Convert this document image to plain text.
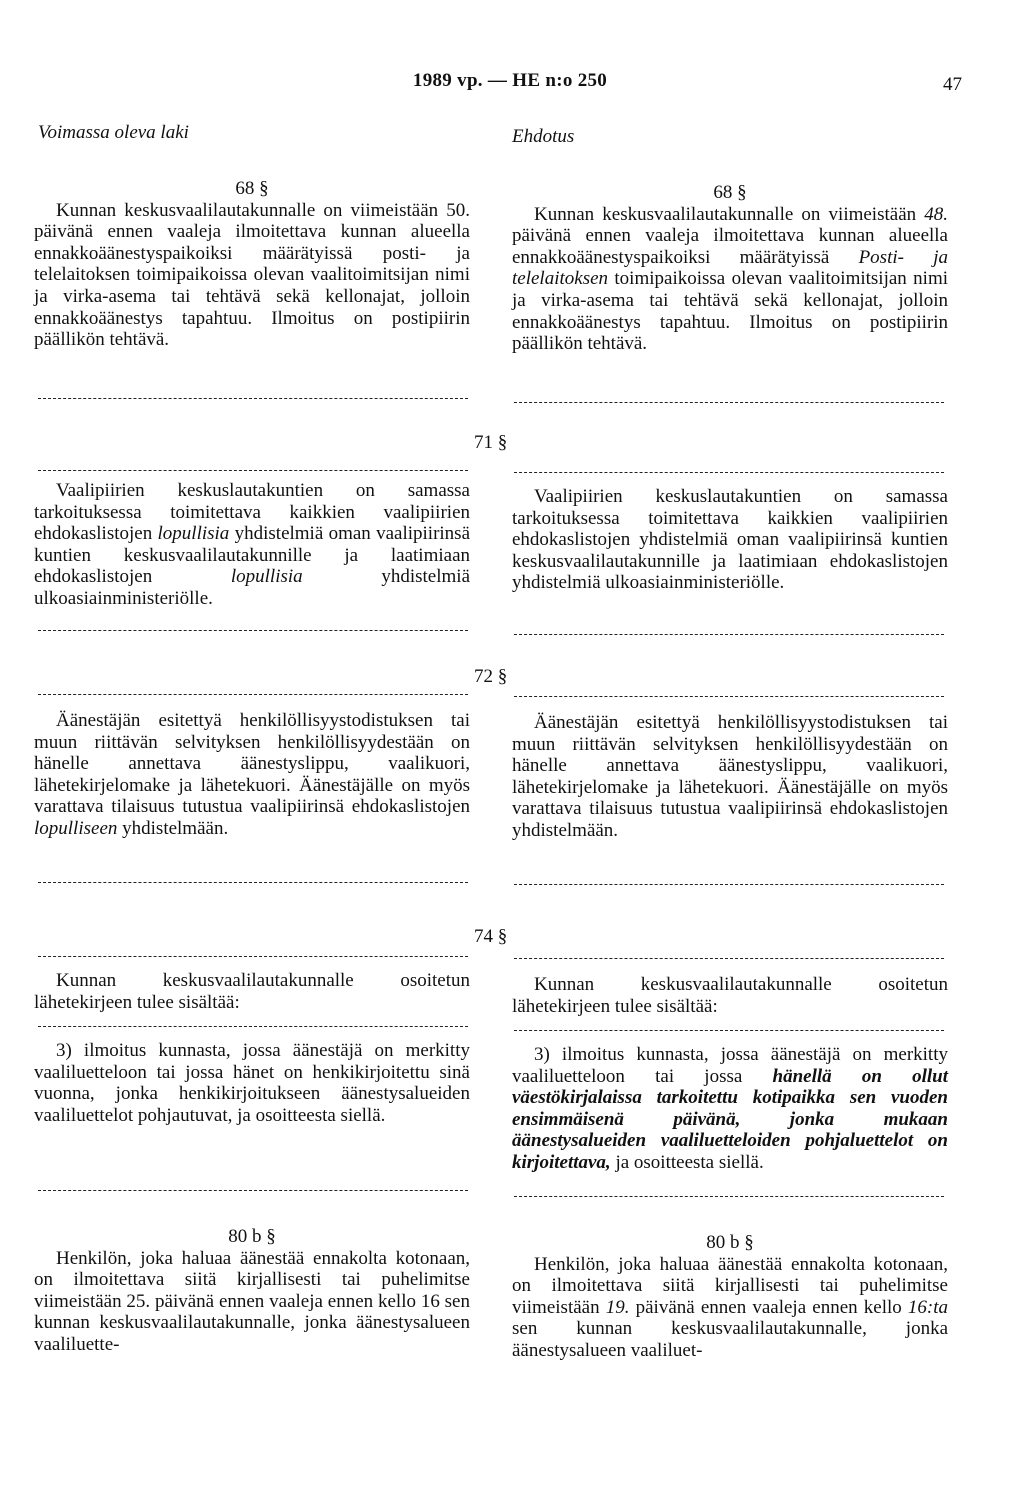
1989 vp. — HE n:o 250	47
Voimassa oleva laki	Ehdotus

68 §

Kunnan keskusvaalilautakunnalle on viimeistään 50. päivänä ennen vaaleja ilmoitettava kunnan alueella ennakkoäänestyspaikoiksi määrätyissä posti- ja telelaitoksen toimipaikoissa olevan vaalitoimitsijan nimi ja virka-asema tai tehtävä sekä kellonajat, jolloin ennakkoäänestys tapahtuu. Ilmoitus on postipiirin päällikön tehtävä.

68 §

Kunnan keskusvaalilautakunnalle on viimeistään 48. päivänä ennen vaaleja ilmoitettava kunnan alueella ennakkoäänestyspaikoiksi määrätyissä Posti- ja telelaitoksen toimipaikoissa olevan vaalitoimitsijan nimi ja virka-asema tai tehtävä sekä kellonajat, jolloin ennakkoäänestys tapahtuu. Ilmoitus on postipiirin päällikön tehtävä.

71 §

Vaalipiirien keskuslautakuntien on samassa tarkoituksessa toimitettava kaikkien vaalipiirien ehdokaslistojen lopullisia yhdistelmiä oman vaalipiirinsä kuntien keskusvaalilautakunnille ja laatimiaan ehdokaslistojen lopullisia yhdistelmiä ulkoasiainministeriölle.

Vaalipiirien keskuslautakuntien on samassa tarkoituksessa toimitettava kaikkien vaalipiirien ehdokaslistojen yhdistelmiä oman vaalipiirinsä kuntien keskusvaalilautakunnille ja laatimiaan ehdokaslistojen yhdistelmiä ulkoasiainministeriölle.

72 §

Äänestäjän esitettyä henkilöllisyystodistuksen tai muun riittävän selvityksen henkilöllisyydestään on hänelle annettava äänestyslippu, vaalikuori, lähetekirjelomake ja lähetekuori. Äänestäjälle on myös varattava tilaisuus tutustua vaalipiirinsä ehdokaslistojen lopulliseen yhdistelmään.

Äänestäjän esitettyä henkilöllisyystodistuksen tai muun riittävän selvityksen henkilöllisyydestään on hänelle annettava äänestyslippu, vaalikuori, lähetekirjelomake ja lähetekuori. Äänestäjälle on myös varattava tilaisuus tutustua vaalipiirinsä ehdokaslistojen yhdistelmään.

74 §

Kunnan keskusvaalilautakunnalle osoitetun lähetekirjeen tulee sisältää:

Kunnan keskusvaalilautakunnalle osoitetun lähetekirjeen tulee sisältää:

3) ilmoitus kunnasta, jossa äänestäjä on merkitty vaaliluetteloon tai jossa hänet on henkikirjoitettu sinä vuonna, jonka henkikirjoitukseen äänestysalueiden vaaliluettelot pohjautuvat, ja osoitteesta siellä.

3) ilmoitus kunnasta, jossa äänestäjä on merkitty vaaliluetteloon tai jossa hänellä on ollut väestökirjalaissa tarkoitettu kotipaikka sen vuoden ensimmäisenä päivänä, jonka mukaan äänestysalueiden vaaliluetteloiden pohjaluettelot on kirjoitettava, ja osoitteesta siellä.

80 b §

Henkilön, joka haluaa äänestää ennakolta kotonaan, on ilmoitettava siitä kirjallisesti tai puhelimitse viimeistään 25. päivänä ennen vaaleja ennen kello 16 sen kunnan keskusvaalilautakunnalle, jonka äänestysalueen vaaliluette-

80 b §

Henkilön, joka haluaa äänestää ennakolta kotonaan, on ilmoitettava siitä kirjallisesti tai puhelimitse viimeistään 19. päivänä ennen vaaleja ennen kello 16:ta sen kunnan keskusvaalilautakunnalle, jonka äänestysalueen vaaliluet-
